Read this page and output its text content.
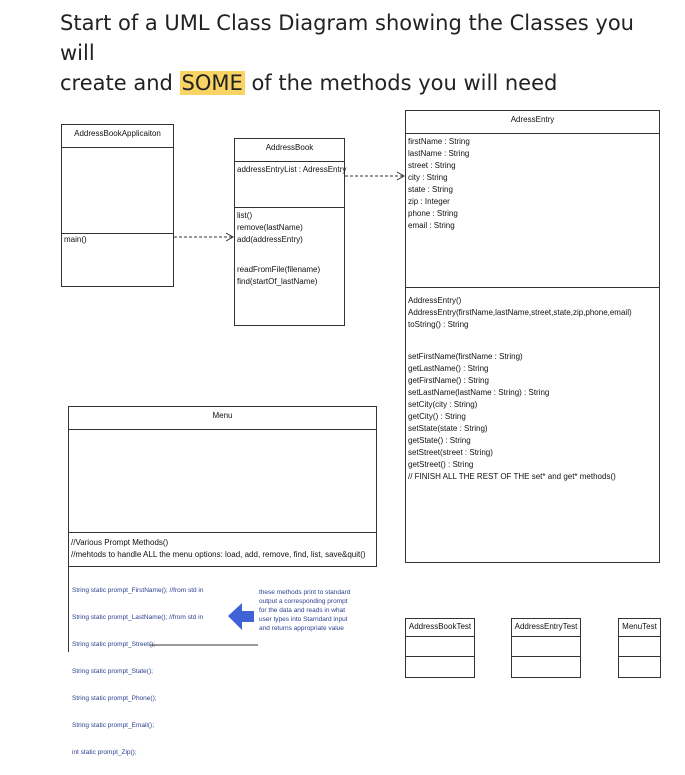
Start of a UML Class Diagram showing the Classes you will
create and SOME of the methods you will need
AddressBookApplicaiton
main()
AddressBook
addressEntryList : AdressEntry
list()
remove(lastName)
add(addressEntry)
readFromFile(filename)
find(startOf_lastName)
AdressEntry
firstName : String
lastName : String
street : String
city : String
state : String
zip : Integer
phone : String
email : String
AddressEntry()
AddressEntry(firstName,lastName,street,state,zip,phone,email)
toString() : String
setFirstName(firstName : String)
getLastName() : String
getFirstName() : String
setLastName(lastName : String) : String
setCity(city : String)
getCity() : String
setState(state : String)
getState() : String
setStreet(street : String)
getStreet() : String
// FINISH ALL THE REST OF THE set* and get* methods()
Menu
//Various Prompt Methods()
//mehtods to handle ALL the menu options: load, add, remove, find, list, save&quit()

String static prompt_FirstName(); //from std in

String static prompt_LastName(); //from std in

String static prompt_Street();

String static prompt_State();

String static prompt_Phone();

String static prompt_Email();

int static prompt_Zip();

these methods print to standard
output a corresponding prompt
for the data and reads in what
user types into Starndard input
and returns appropriate value	AddressBookTest	AddressEntryTest	MenuTest
